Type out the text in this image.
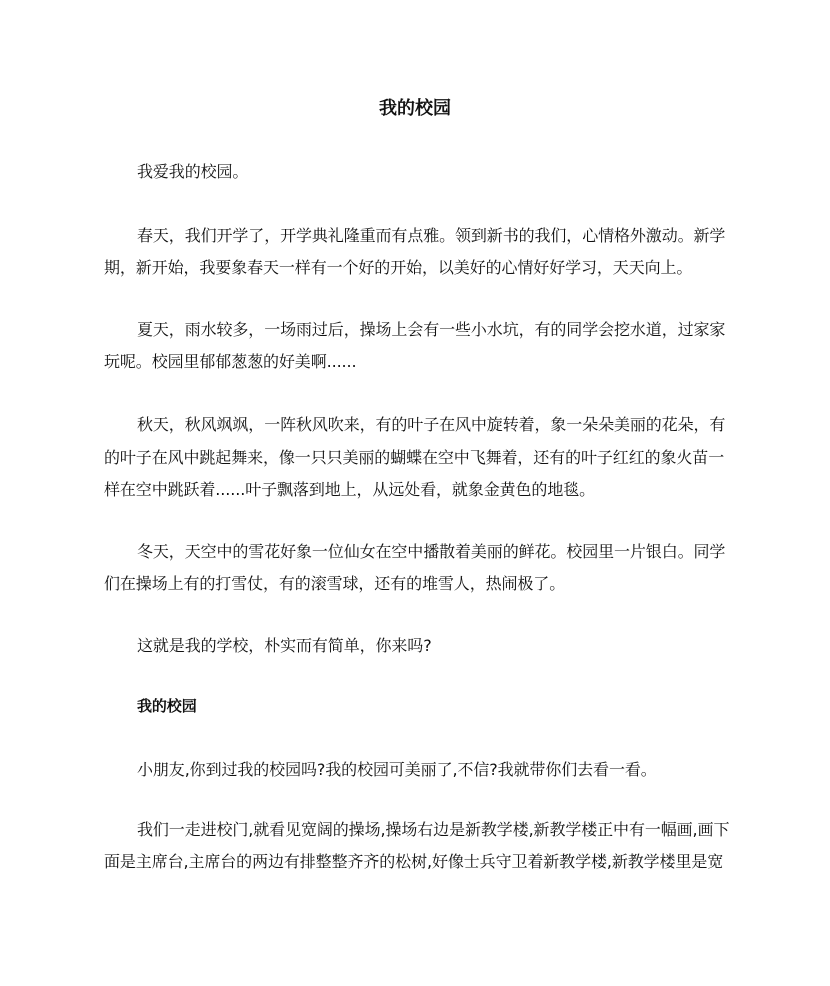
我的校园
我爱我的校园。
春天，我们开学了，开学典礼隆重而有点雅。领到新书的我们，心情格外激动。新学
期，新开始，我要象春天一样有一个好的开始，以美好的心情好好学习，天天向上。
夏天，雨水较多，一场雨过后，操场上会有一些小水坑，有的同学会挖水道，过家家
玩呢。校园里郁郁葱葱的好美啊......
秋天，秋风飒飒，一阵秋风吹来，有的叶子在风中旋转着，象一朵朵美丽的花朵，有
的叶子在风中跳起舞来，像一只只美丽的蝴蝶在空中飞舞着，还有的叶子红红的象火苗一
样在空中跳跃着......叶子飘落到地上，从远处看，就象金黄色的地毯。
冬天，天空中的雪花好象一位仙女在空中播散着美丽的鲜花。校园里一片银白。同学
们在操场上有的打雪仗，有的滚雪球，还有的堆雪人，热闹极了。
这就是我的学校，朴实而有简单，你来吗?
我的校园
小朋友,你到过我的校园吗?我的校园可美丽了,不信?我就带你们去看一看。
我们一走进校门,就看见宽阔的操场,操场右边是新教学楼,新教学楼正中有一幅画,画下
面是主席台,主席台的两边有排整整齐齐的松树,好像士兵守卫着新教学楼,新教学楼里是宽
